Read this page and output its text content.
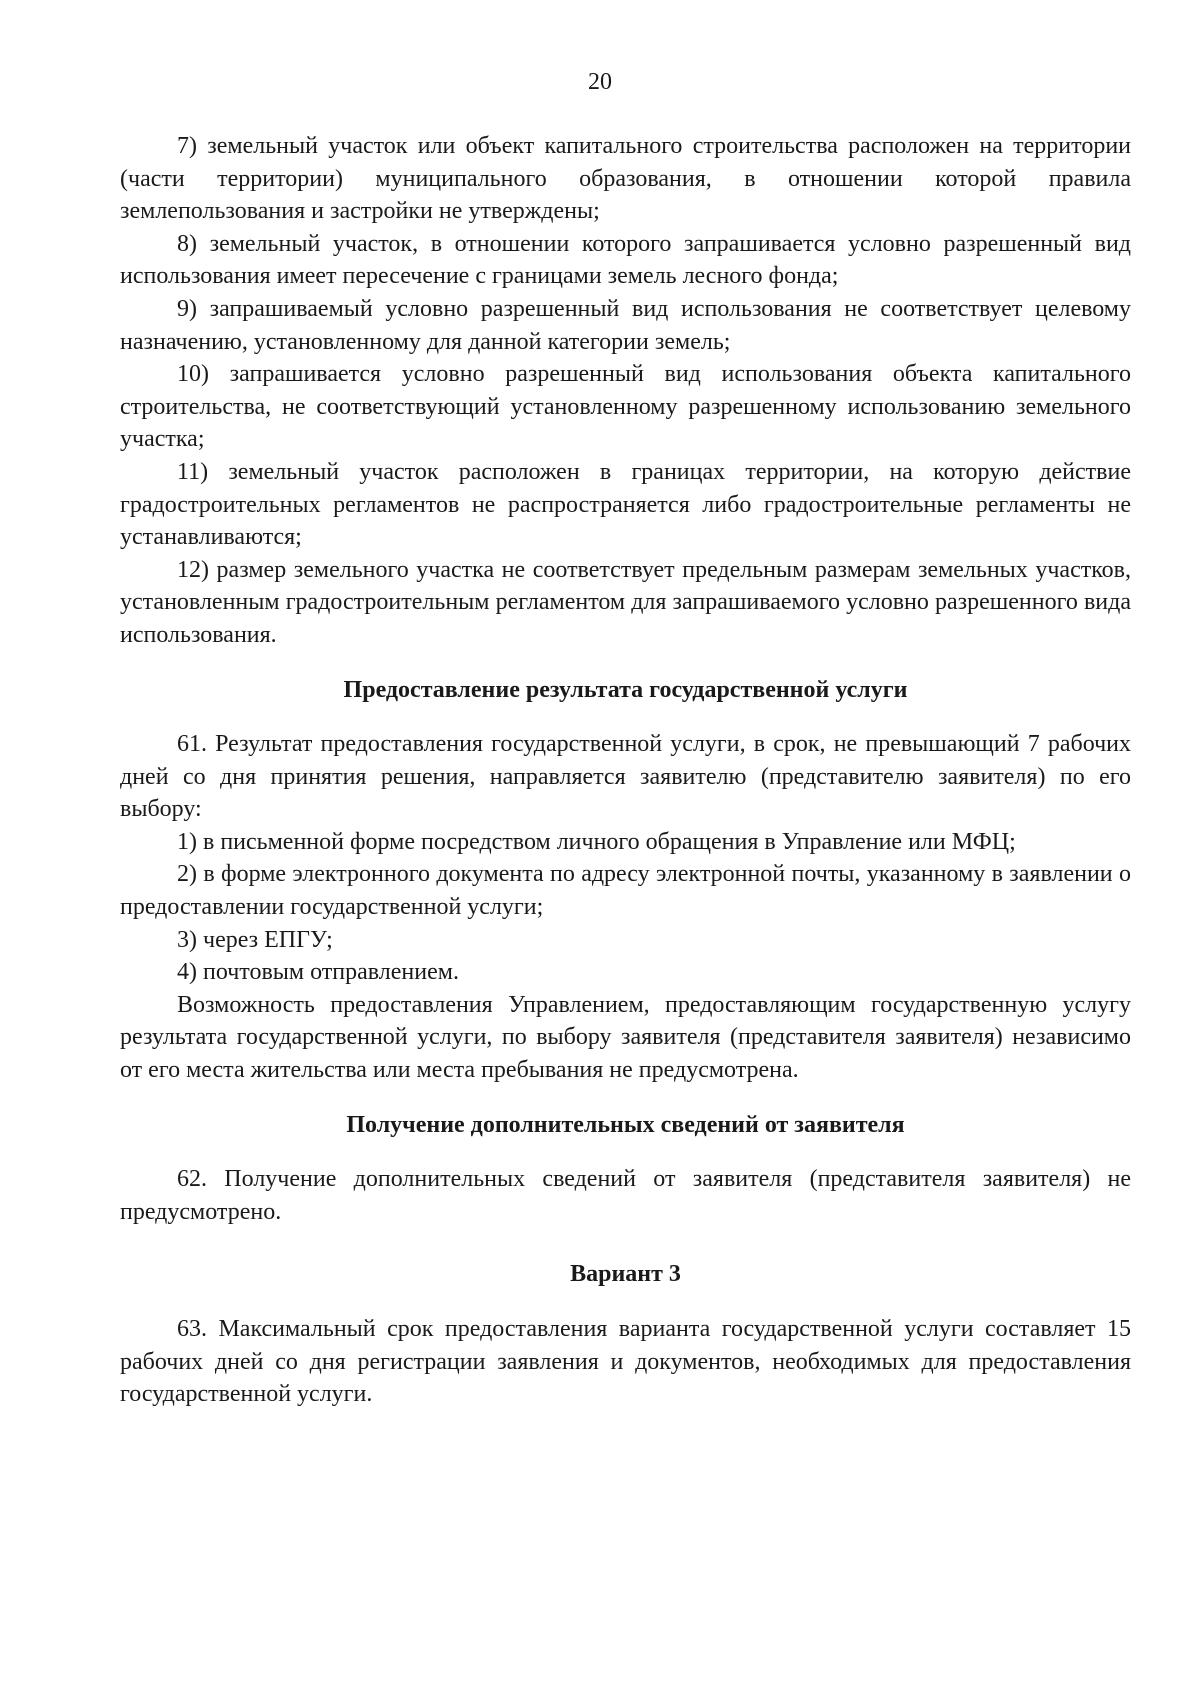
20

7) земельный участок или объект капитального строительства расположен на территории (части территории) муниципального образования, в отношении которой правила землепользования и застройки не утверждены;

8) земельный участок, в отношении которого запрашивается условно разрешенный вид использования имеет пересечение с границами земель лесного фонда;

9) запрашиваемый условно разрешенный вид использования не соответствует целевому назначению, установленному для данной категории земель;

10) запрашивается условно разрешенный вид использования объекта капитального строительства, не соответствующий установленному разрешенному использованию земельного участка;

11) земельный участок расположен в границах территории, на которую действие градостроительных регламентов не распространяется либо градостроительные регламенты не устанавливаются;

12) размер земельного участка не соответствует предельным размерам земельных участков, установленным градостроительным регламентом для запрашиваемого условно разрешенного вида использования.

Предоставление результата государственной услуги

61. Результат предоставления государственной услуги, в срок, не превышающий 7 рабочих дней со дня принятия решения, направляется заявителю (представителю заявителя) по его выбору:

1) в письменной форме посредством личного обращения в Управление или МФЦ;

2) в форме электронного документа по адресу электронной почты, указанному в заявлении о предоставлении государственной услуги;

3) через ЕПГУ;

4) почтовым отправлением.

Возможность предоставления Управлением, предоставляющим государственную услугу результата государственной услуги, по выбору заявителя (представителя заявителя) независимо от его места жительства или места пребывания не предусмотрена.

Получение дополнительных сведений от заявителя

62. Получение дополнительных сведений от заявителя (представителя заявителя) не предусмотрено.

Вариант 3

63. Максимальный срок предоставления варианта государственной услуги составляет 15 рабочих дней со дня регистрации заявления и документов, необходимых для предоставления государственной услуги.
